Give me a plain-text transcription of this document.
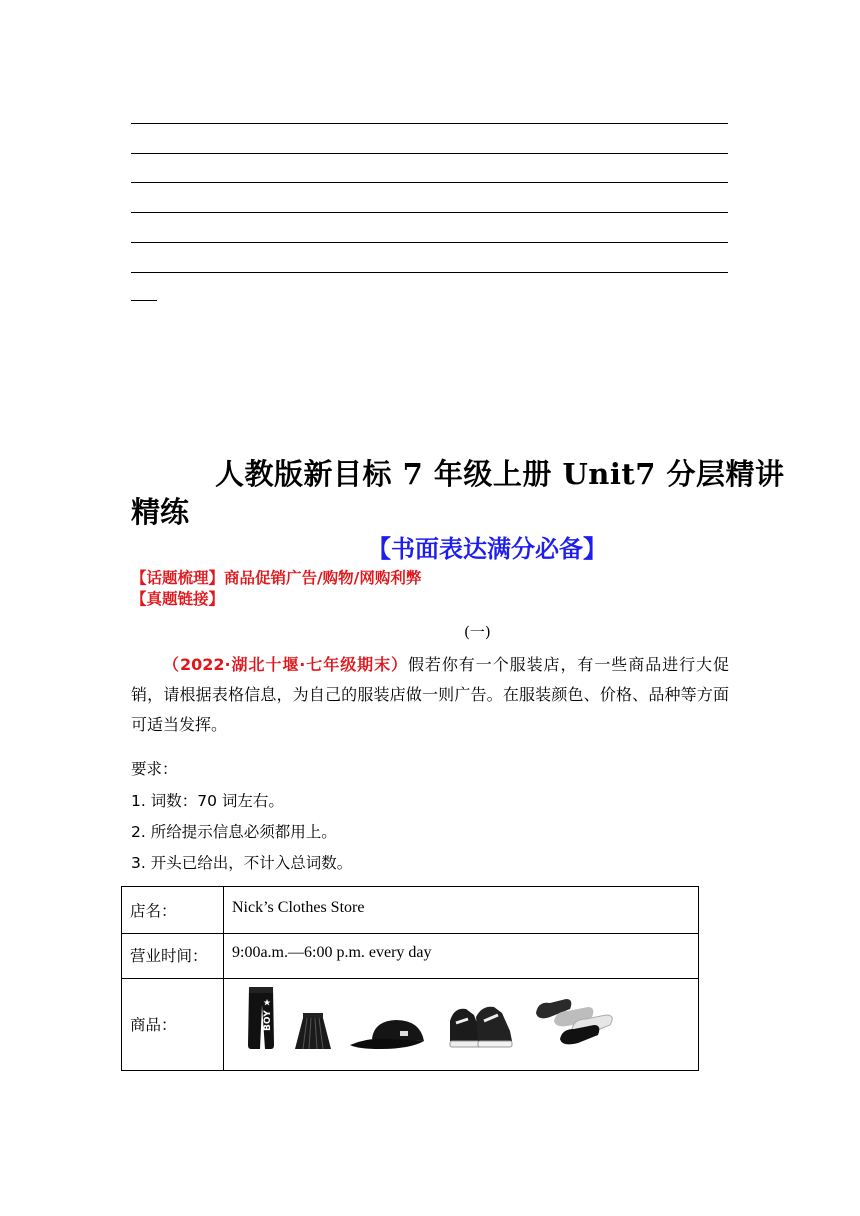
人教版新目标 7 年级上册 Unit7 分层精讲
精练
【书面表达满分必备】
【话题梳理】商品促销广告/购物/网购利弊
【真题链接】
(一)
（2022·湖北十堰·七年级期末）假若你有一个服装店，有一些商品进行大促销，请根据表格信息，为自己的服装店做一则广告。在服装颜色、价格、品种等方面可适当发挥。
要求：
1. 词数：70 词左右。
2. 所给提示信息必须都用上。
3. 开头已给出，不计入总词数。
店名：	Nick’s Clothes Store
营业时间：	9:00a.m.—6:00 p.m. every day
商品：	BOY
